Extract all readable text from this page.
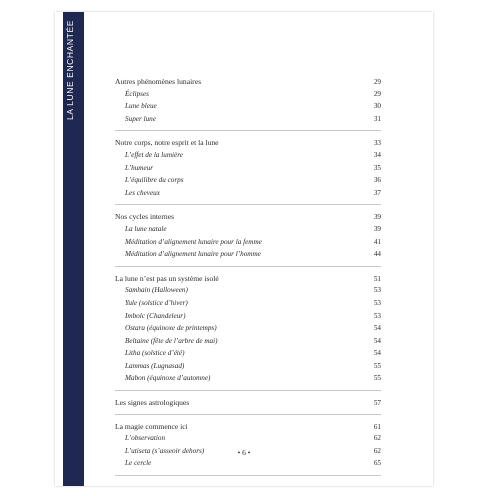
LA LUNE ENCHANTÉE	Autres phénomènes lunaires	29
Éclipses	29
Lune bleue	30
Super lune	31
Notre corps, notre esprit et la lune	33
L’effet de la lumière	34
L’humeur	35
L’équilibre du corps	36
Les cheveux	37
Nos cycles internes	39
La lune natale	39
Méditation d’alignement lunaire pour la femme	41
Méditation d’alignement lunaire pour l’homme	44
La lune n’est pas un système isolé	51
Samhain (Halloween)	53
Yule (solstice d’hiver)	53
Imbolc (Chandeleur)	53
Ostara (équinoxe de printemps)	54
Beltaine (fête de l’arbre de mai)	54
Litha (solstice d’été)	54
Lammas (Lugnasad)	55
Mabon (équinoxe d’automne)	55
Les signes astrologiques	57
La magie commence ici	61
L’observation	62
L’utiseta (s’asseoir dehors)	62
Le cercle	65
• 6 •
